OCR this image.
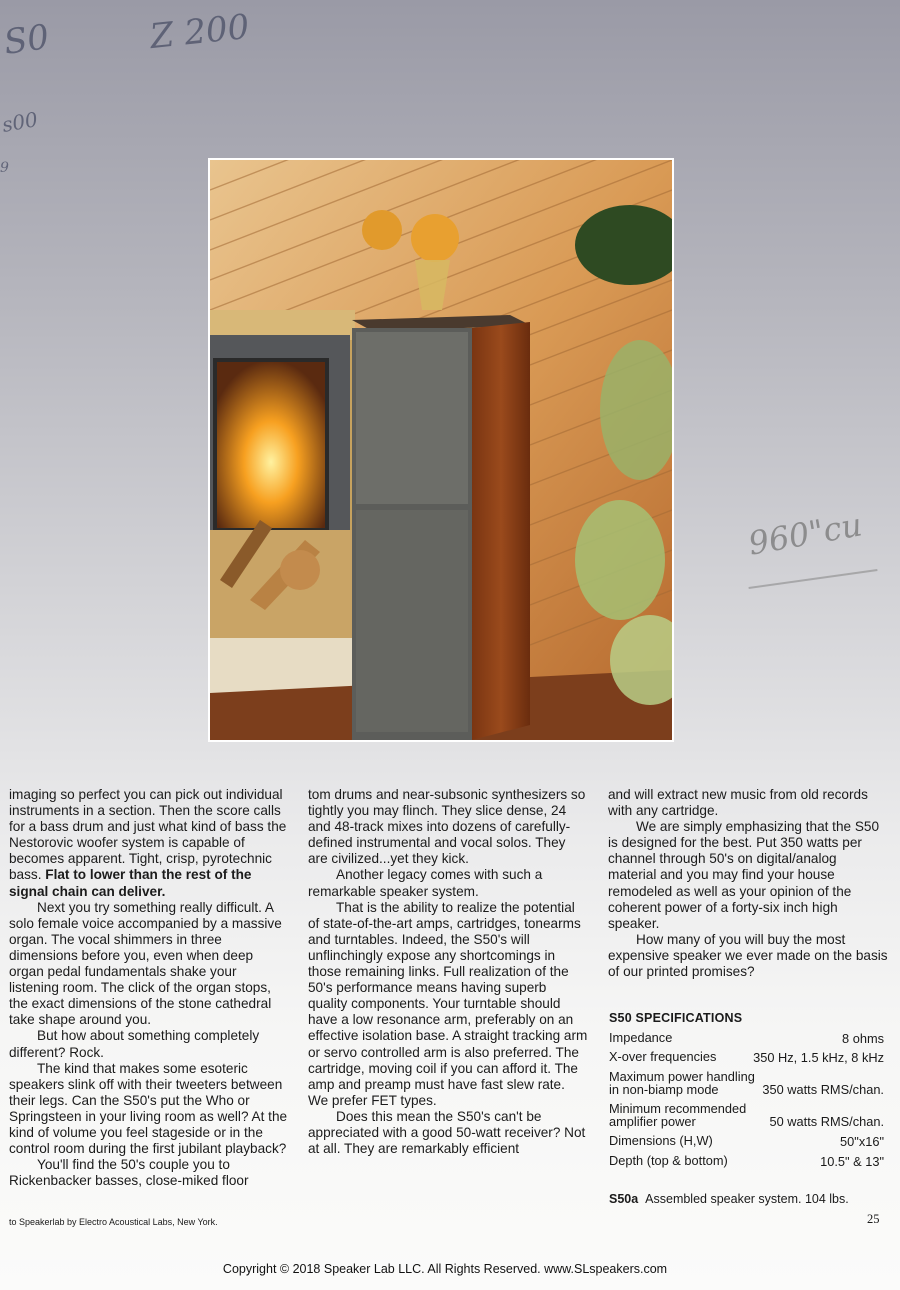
S0	Z 200
s00
9
960"cu

imaging so perfect you can pick out individual instruments in a section. Then the score calls for a bass drum and just what kind of bass the Nestorovic woofer system is capable of becomes apparent. Tight, crisp, pyrotechnic bass. Flat to lower than the rest of the signal chain can deliver.

Next you try something really difficult. A solo female voice accompanied by a massive organ. The vocal shimmers in three dimensions before you, even when deep organ pedal fundamentals shake your listening room. The click of the organ stops, the exact dimensions of the stone cathedral take shape around you.

But how about something completely different? Rock.

The kind that makes some esoteric speakers slink off with their tweeters between their legs. Can the S50's put the Who or Springsteen in your living room as well? At the kind of volume you feel stageside or in the control room during the first jubilant playback?

You'll find the 50's couple you to Rickenbacker basses, close-miked floor

tom drums and near-subsonic synthesizers so tightly you may flinch. They slice dense, 24 and 48-track mixes into dozens of carefully-defined instrumental and vocal solos. They are civilized...yet they kick.

Another legacy comes with such a remarkable speaker system.

That is the ability to realize the potential of state-of-the-art amps, cartridges, tonearms and turntables. Indeed, the S50's will unflinchingly expose any shortcomings in those remaining links. Full realization of the 50's performance means having superb quality components. Your turntable should have a low resonance arm, preferably on an effective isolation base. A straight tracking arm or servo controlled arm is also preferred. The cartridge, moving coil if you can afford it. The amp and preamp must have fast slew rate. We prefer FET types.

Does this mean the S50's can't be appreciated with a good 50-watt receiver? Not at all. They are remarkably efficient

and will extract new music from old records with any cartridge.

We are simply emphasizing that the S50 is designed for the best. Put 350 watts per channel through 50's on digital/analog material and you may find your house remodeled as well as your opinion of the coherent power of a forty-six inch high speaker.

How many of you will buy the most expensive speaker we ever made on the basis of our printed promises?

S50 SPECIFICATIONS
Impedance	8 ohms
X-over frequencies	350 Hz, 1.5 kHz, 8 kHz
Maximum power handling
in non-biamp mode	350 watts RMS/chan.
Minimum recommended
amplifier power	50 watts RMS/chan.
Dimensions (H,W)	50"x16"
Depth (top & bottom)	10.5" & 13"
S50a Assembled speaker system. 104 lbs.
to Speakerlab by Electro Acoustical Labs, New York.	25
Copyright © 2018 Speaker Lab LLC. All Rights Reserved. www.SLspeakers.com
